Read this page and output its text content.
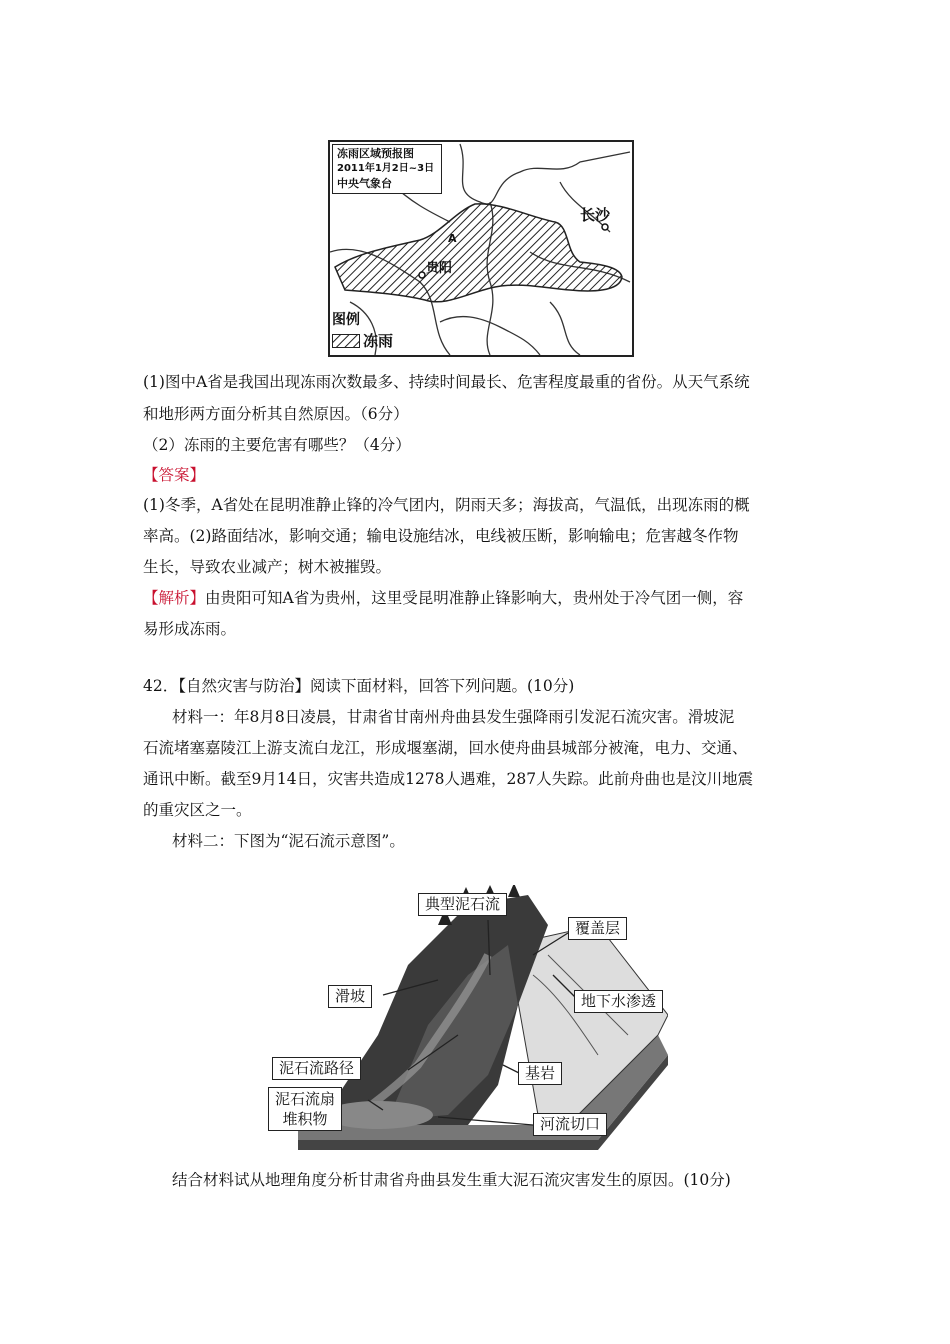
冻雨区域预报图
2011年1月2日~3日
中央气象台
长沙
A
贵阳
图例
冻雨
(1)图中A省是我国出现冻雨次数最多、持续时间最长、危害程度最重的省份。从天气系统
和地形两方面分析其自然原因。（6分）
（2）冻雨的主要危害有哪些？（4分）
【答案】
(1)冬季，A省处在昆明准静止锋的冷气团内，阴雨天多；海拔高，气温低，出现冻雨的概
率高。(2)路面结冰，影响交通；输电设施结冰，电线被压断，影响输电；危害越冬作物
生长，导致农业减产；树木被摧毁。
【解析】由贵阳可知A省为贵州，这里受昆明准静止锋影响大，贵州处于冷气团一侧，容
易形成冻雨。
42．【自然灾害与防治】阅读下面材料，回答下列问题。(10分)
材料一：年8月8日凌晨，甘肃省甘南州舟曲县发生强降雨引发泥石流灾害。滑坡泥
石流堵塞嘉陵江上游支流白龙江，形成堰塞湖，回水使舟曲县城部分被淹，电力、交通、
通讯中断。截至9月14日，灾害共造成1278人遇难，287人失踪。此前舟曲也是汶川地震
的重灾区之一。
材料二：下图为“泥石流示意图”。
典型泥石流
覆盖层
滑坡	地下水渗透
泥石流路径	基岩
泥石流扇
堆积物	河流切口
结合材料试从地理角度分析甘肃省舟曲县发生重大泥石流灾害发生的原因。(10分)
